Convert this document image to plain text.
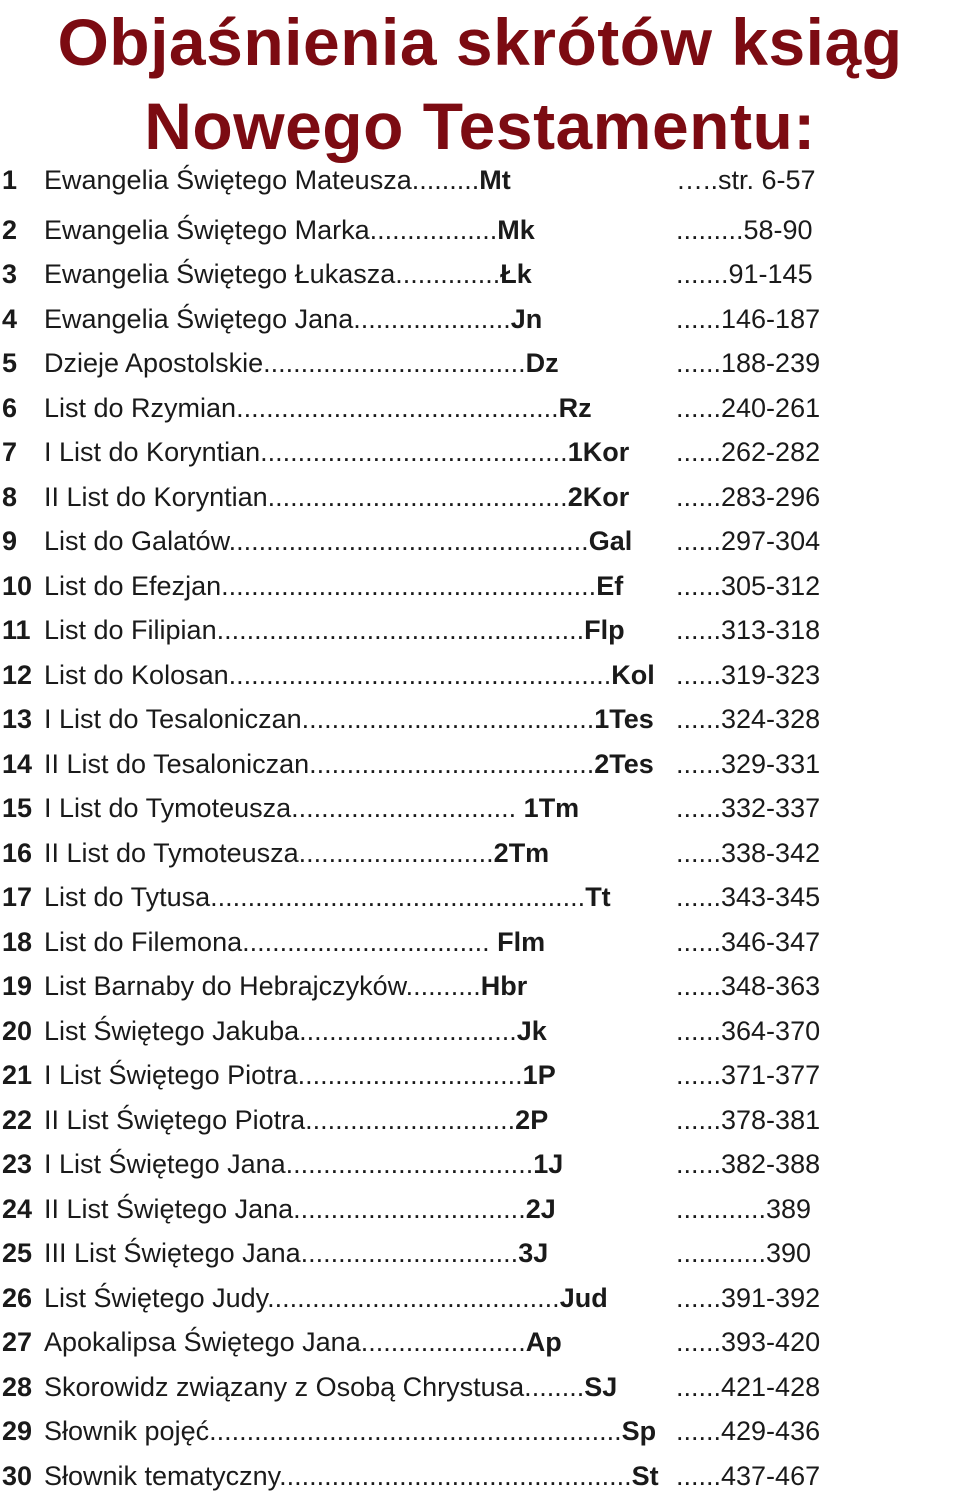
Objaśnienia skrótów ksiąg
Nowego Testamentu:
1 Ewangelia Świętego Mateusza.........Mt	…..str. 6-57
2 Ewangelia Świętego Marka.................Mk	.........58-90
3 Ewangelia Świętego Łukasza..............Łk	.......91-145
4 Ewangelia Świętego Jana.....................Jn	......146-187
5 Dzieje Apostolskie...................................Dz	......188-239
6 List do Rzymian...........................................Rz	......240-261
7 I List do Koryntian.........................................1Kor ......262-282
8 II List do Koryntian........................................2Kor ......283-296
9 List do Galatów................................................Gal ......297-304
10 List do Efezjan..................................................Ef ......305-312
11 List do Filipian.................................................Flp ......313-318
12 List do Kolosan...................................................Kol ......319-323
13 I List do Tesaloniczan.......................................1Tes ......324-328
14 II List do Tesaloniczan......................................2Tes ......329-331
15 I List do Tymoteusza.............................. 1Tm	......332-337
16 II List do Tymoteusza..........................2Tm	......338-342
17 List do Tytusa..................................................Tt ......343-345
18 List do Filemona................................. Flm	......346-347
19 List Barnaby do Hebrajczyków..........Hbr	......348-363
20 List Świętego Jakuba.............................Jk	......364-370
21 I List Świętego Piotra..............................1P	......371-377
22 II List Świętego Piotra............................2P	......378-381
23 I List Świętego Jana.................................1J	......382-388
24 II List Świętego Jana...............................2J	............389
25 III List Świętego Jana.............................3J	............390
26 List Świętego Judy.......................................Jud	......391-392
27 Apokalipsa Świętego Jana......................Ap	......393-420
28 Skorowidz związany z Osobą Chrystusa........SJ ......421-428
29 Słownik pojęć.......................................................Sp ......429-436
30 Słownik tematyczny...............................................St ......437-467
